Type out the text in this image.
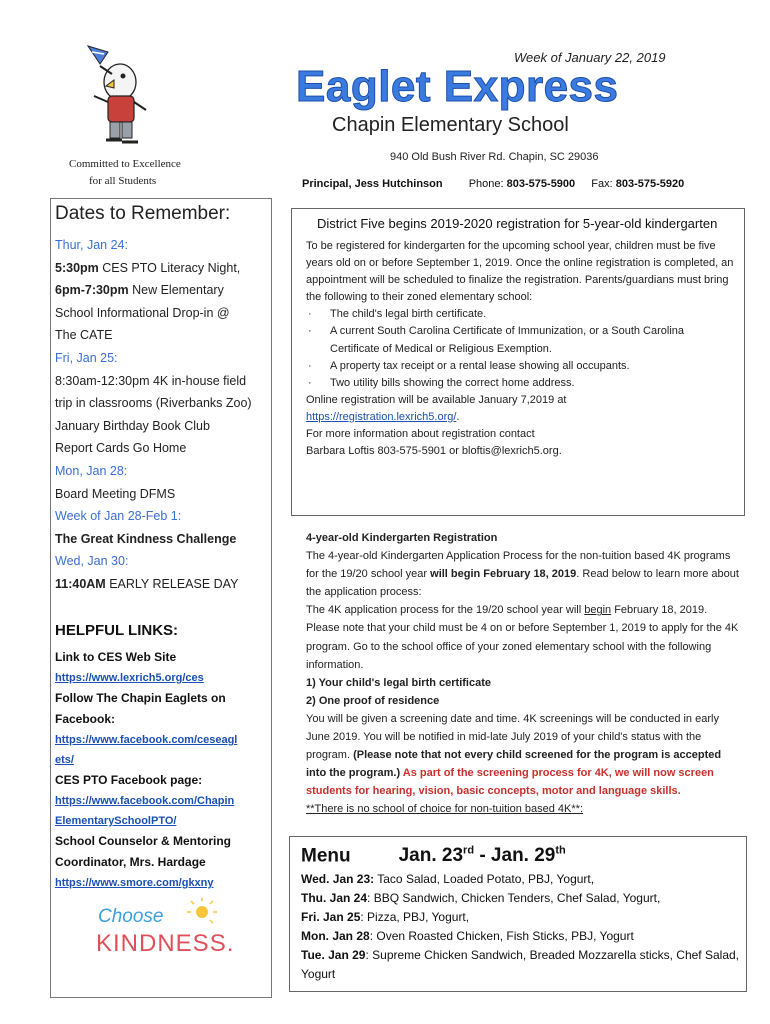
Week of January 22, 2019
Eaglet Express
Chapin Elementary School
940 Old Bush River Rd. Chapin, SC 29036
Principal, Jess Hutchinson Phone: 803-575-5900 Fax: 803-575-5920
Committed to Excellence
for all Students
Dates to Remember:
Thur, Jan 24:
5:30pm CES PTO Literacy Night,
6pm-7:30pm New Elementary
School Informational Drop-in @
The CATE
Fri, Jan 25:
8:30am-12:30pm 4K in-house field
trip in classrooms (Riverbanks Zoo)
January Birthday Book Club
Report Cards Go Home
Mon, Jan 28:
Board Meeting DFMS
Week of Jan 28-Feb 1:
The Great Kindness Challenge
Wed, Jan 30:
11:40AM EARLY RELEASE DAY
HELPFUL LINKS:
Link to CES Web Site
https://www.lexrich5.org/ces
Follow The Chapin Eaglets on Facebook:
https://www.facebook.com/ceseagl
ets/
CES PTO Facebook page:
https://www.facebook.com/Chapin
ElementarySchoolPTO/
School Counselor & Mentoring Coordinator, Mrs. Hardage
https://www.smore.com/gkxny
Choose
KINDNESS.
District Five begins 2019-2020 registration for 5-year-old kindergarten
To be registered for kindergarten for the upcoming school year, children must be five years old on or before September 1, 2019. Once the online registration is completed, an appointment will be scheduled to finalize the registration. Parents/guardians must bring the following to their zoned elementary school:
· The child's legal birth certificate.
· A current South Carolina Certificate of Immunization, or a South Carolina Certificate of Medical or Religious Exemption.
· A property tax receipt or a rental lease showing all occupants.
· Two utility bills showing the correct home address.
Online registration will be available January 7,2019 at
https://registration.lexrich5.org/.
For more information about registration contact
Barbara Loftis 803-575-5901 or bloftis@lexrich5.org.
4-year-old Kindergarten Registration
The 4-year-old Kindergarten Application Process for the non-tuition based 4K programs for the 19/20 school year will begin February 18, 2019. Read below to learn more about the application process:
The 4K application process for the 19/20 school year will begin February 18, 2019. Please note that your child must be 4 on or before September 1, 2019 to apply for the 4K program. Go to the school office of your zoned elementary school with the following information.
1) Your child's legal birth certificate
2) One proof of residence
You will be given a screening date and time. 4K screenings will be conducted in early June 2019. You will be notified in mid-late July 2019 of your child's status with the program. (Please note that not every child screened for the program is accepted into the program.) As part of the screening process for 4K, we will now screen students for hearing, vision, basic concepts, motor and language skills.
**There is no school of choice for non-tuition based 4K**:
Menu	Jan. 23rd - Jan. 29th
Wed. Jan 23: Taco Salad, Loaded Potato, PBJ, Yogurt,
Thu. Jan 24: BBQ Sandwich, Chicken Tenders, Chef Salad, Yogurt,
Fri. Jan 25: Pizza, PBJ, Yogurt,
Mon. Jan 28: Oven Roasted Chicken, Fish Sticks, PBJ, Yogurt
Tue. Jan 29: Supreme Chicken Sandwich, Breaded Mozzarella sticks, Chef Salad, Yogurt
